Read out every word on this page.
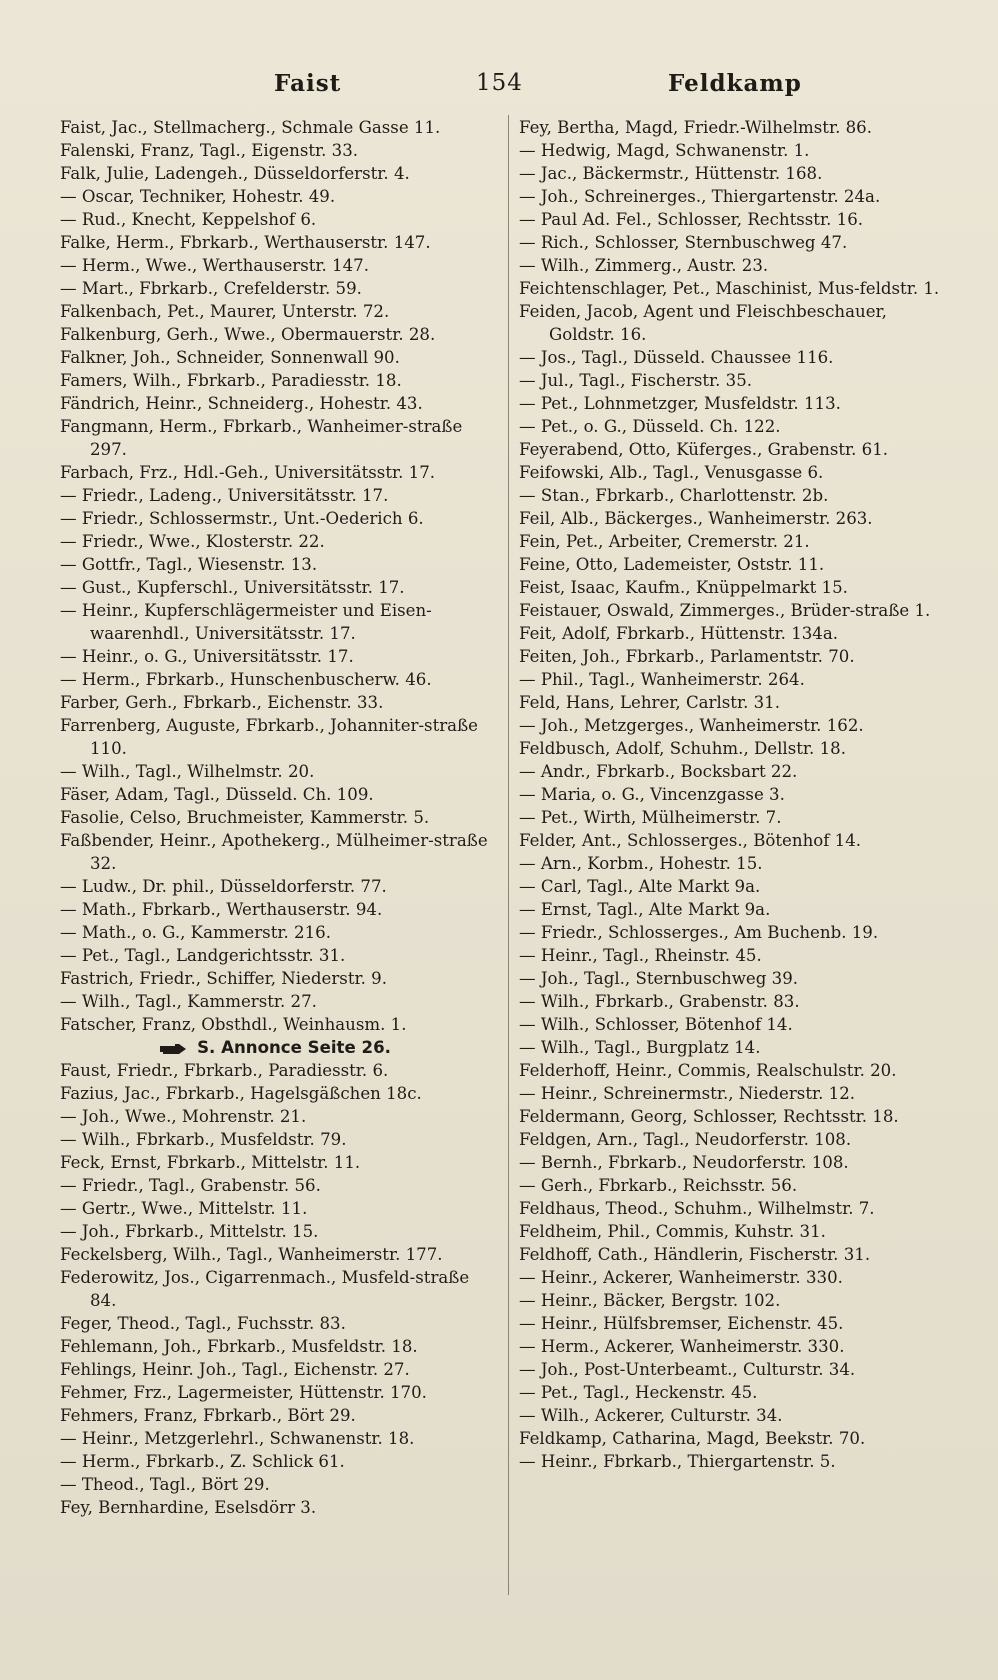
Faist	154	Feldkamp
Faist, Jac., Stellmacherg., Schmale Gasse 11.
Falenski, Franz, Tagl., Eigenstr. 33.
Falk, Julie, Ladengeh., Düsseldorferstr. 4.
— Oscar, Techniker, Hohestr. 49.
— Rud., Knecht, Keppelshof 6.
Falke, Herm., Fbrkarb., Werthauserstr. 147.
— Herm., Wwe., Werthauserstr. 147.
— Mart., Fbrkarb., Crefelderstr. 59.
Falkenbach, Pet., Maurer, Unterstr. 72.
Falkenburg, Gerh., Wwe., Obermauerstr. 28.
Falkner, Joh., Schneider, Sonnenwall 90.
Famers, Wilh., Fbrkarb., Paradiesstr. 18.
Fändrich, Heinr., Schneiderg., Hohestr. 43.
Fangmann, Herm., Fbrkarb., Wanheimer-straße 297.
Farbach, Frz., Hdl.-Geh., Universitätsstr. 17.
— Friedr., Ladeng., Universitätsstr. 17.
— Friedr., Schlossermstr., Unt.-Oederich 6.
— Friedr., Wwe., Klosterstr. 22.
— Gottfr., Tagl., Wiesenstr. 13.
— Gust., Kupferschl., Universitätsstr. 17.
— Heinr., Kupferschlägermeister und Eisen-waarenhdl., Universitätsstr. 17.
— Heinr., o. G., Universitätsstr. 17.
— Herm., Fbrkarb., Hunschenbuscherw. 46.
Farber, Gerh., Fbrkarb., Eichenstr. 33.
Farrenberg, Auguste, Fbrkarb., Johanniter-straße 110.
— Wilh., Tagl., Wilhelmstr. 20.
Fäser, Adam, Tagl., Düsseld. Ch. 109.
Fasolie, Celso, Bruchmeister, Kammerstr. 5.
Faßbender, Heinr., Apothekerg., Mülheimer-straße 32.
— Ludw., Dr. phil., Düsseldorferstr. 77.
— Math., Fbrkarb., Werthauserstr. 94.
— Math., o. G., Kammerstr. 216.
— Pet., Tagl., Landgerichtsstr. 31.
Fastrich, Friedr., Schiffer, Niederstr. 9.
— Wilh., Tagl., Kammerstr. 27.
Fatscher, Franz, Obsthdl., Weinhausm. 1.
S. Annonce Seite 26.
Faust, Friedr., Fbrkarb., Paradiesstr. 6.
Fazius, Jac., Fbrkarb., Hagelsgäßchen 18c.
— Joh., Wwe., Mohrenstr. 21.
— Wilh., Fbrkarb., Musfeldstr. 79.
Feck, Ernst, Fbrkarb., Mittelstr. 11.
— Friedr., Tagl., Grabenstr. 56.
— Gertr., Wwe., Mittelstr. 11.
— Joh., Fbrkarb., Mittelstr. 15.
Feckelsberg, Wilh., Tagl., Wanheimerstr. 177.
Federowitz, Jos., Cigarrenmach., Musfeld-straße 84.
Feger, Theod., Tagl., Fuchsstr. 83.
Fehlemann, Joh., Fbrkarb., Musfeldstr. 18.
Fehlings, Heinr. Joh., Tagl., Eichenstr. 27.
Fehmer, Frz., Lagermeister, Hüttenstr. 170.
Fehmers, Franz, Fbrkarb., Bört 29.
— Heinr., Metzgerlehrl., Schwanenstr. 18.
— Herm., Fbrkarb., Z. Schlick 61.
— Theod., Tagl., Bört 29.
Fey, Bernhardine, Eselsdörr 3.
Fey, Bertha, Magd, Friedr.-Wilhelmstr. 86.
— Hedwig, Magd, Schwanenstr. 1.
— Jac., Bäckermstr., Hüttenstr. 168.
— Joh., Schreinerges., Thiergartenstr. 24a.
— Paul Ad. Fel., Schlosser, Rechtsstr. 16.
— Rich., Schlosser, Sternbuschweg 47.
— Wilh., Zimmerg., Austr. 23.
Feichtenschlager, Pet., Maschinist, Mus-feldstr. 1.
Feiden, Jacob, Agent und Fleischbeschauer, Goldstr. 16.
— Jos., Tagl., Düsseld. Chaussee 116.
— Jul., Tagl., Fischerstr. 35.
— Pet., Lohnmetzger, Musfeldstr. 113.
— Pet., o. G., Düsseld. Ch. 122.
Feyerabend, Otto, Küferges., Grabenstr. 61.
Feifowski, Alb., Tagl., Venusgasse 6.
— Stan., Fbrkarb., Charlottenstr. 2b.
Feil, Alb., Bäckerges., Wanheimerstr. 263.
Fein, Pet., Arbeiter, Cremerstr. 21.
Feine, Otto, Lademeister, Oststr. 11.
Feist, Isaac, Kaufm., Knüppelmarkt 15.
Feistauer, Oswald, Zimmerges., Brüder-straße 1.
Feit, Adolf, Fbrkarb., Hüttenstr. 134a.
Feiten, Joh., Fbrkarb., Parlamentstr. 70.
— Phil., Tagl., Wanheimerstr. 264.
Feld, Hans, Lehrer, Carlstr. 31.
— Joh., Metzgerges., Wanheimerstr. 162.
Feldbusch, Adolf, Schuhm., Dellstr. 18.
— Andr., Fbrkarb., Bocksbart 22.
— Maria, o. G., Vincenzgasse 3.
— Pet., Wirth, Mülheimerstr. 7.
Felder, Ant., Schlosserges., Bötenhof 14.
— Arn., Korbm., Hohestr. 15.
— Carl, Tagl., Alte Markt 9a.
— Ernst, Tagl., Alte Markt 9a.
— Friedr., Schlosserges., Am Buchenb. 19.
— Heinr., Tagl., Rheinstr. 45.
— Joh., Tagl., Sternbuschweg 39.
— Wilh., Fbrkarb., Grabenstr. 83.
— Wilh., Schlosser, Bötenhof 14.
— Wilh., Tagl., Burgplatz 14.
Felderhoff, Heinr., Commis, Realschulstr. 20.
— Heinr., Schreinermstr., Niederstr. 12.
Feldermann, Georg, Schlosser, Rechtsstr. 18.
Feldgen, Arn., Tagl., Neudorferstr. 108.
— Bernh., Fbrkarb., Neudorferstr. 108.
— Gerh., Fbrkarb., Reichsstr. 56.
Feldhaus, Theod., Schuhm., Wilhelmstr. 7.
Feldheim, Phil., Commis, Kuhstr. 31.
Feldhoff, Cath., Händlerin, Fischerstr. 31.
— Heinr., Ackerer, Wanheimerstr. 330.
— Heinr., Bäcker, Bergstr. 102.
— Heinr., Hülfsbremser, Eichenstr. 45.
— Herm., Ackerer, Wanheimerstr. 330.
— Joh., Post-Unterbeamt., Culturstr. 34.
— Pet., Tagl., Heckenstr. 45.
— Wilh., Ackerer, Culturstr. 34.
Feldkamp, Catharina, Magd, Beekstr. 70.
— Heinr., Fbrkarb., Thiergartenstr. 5.
